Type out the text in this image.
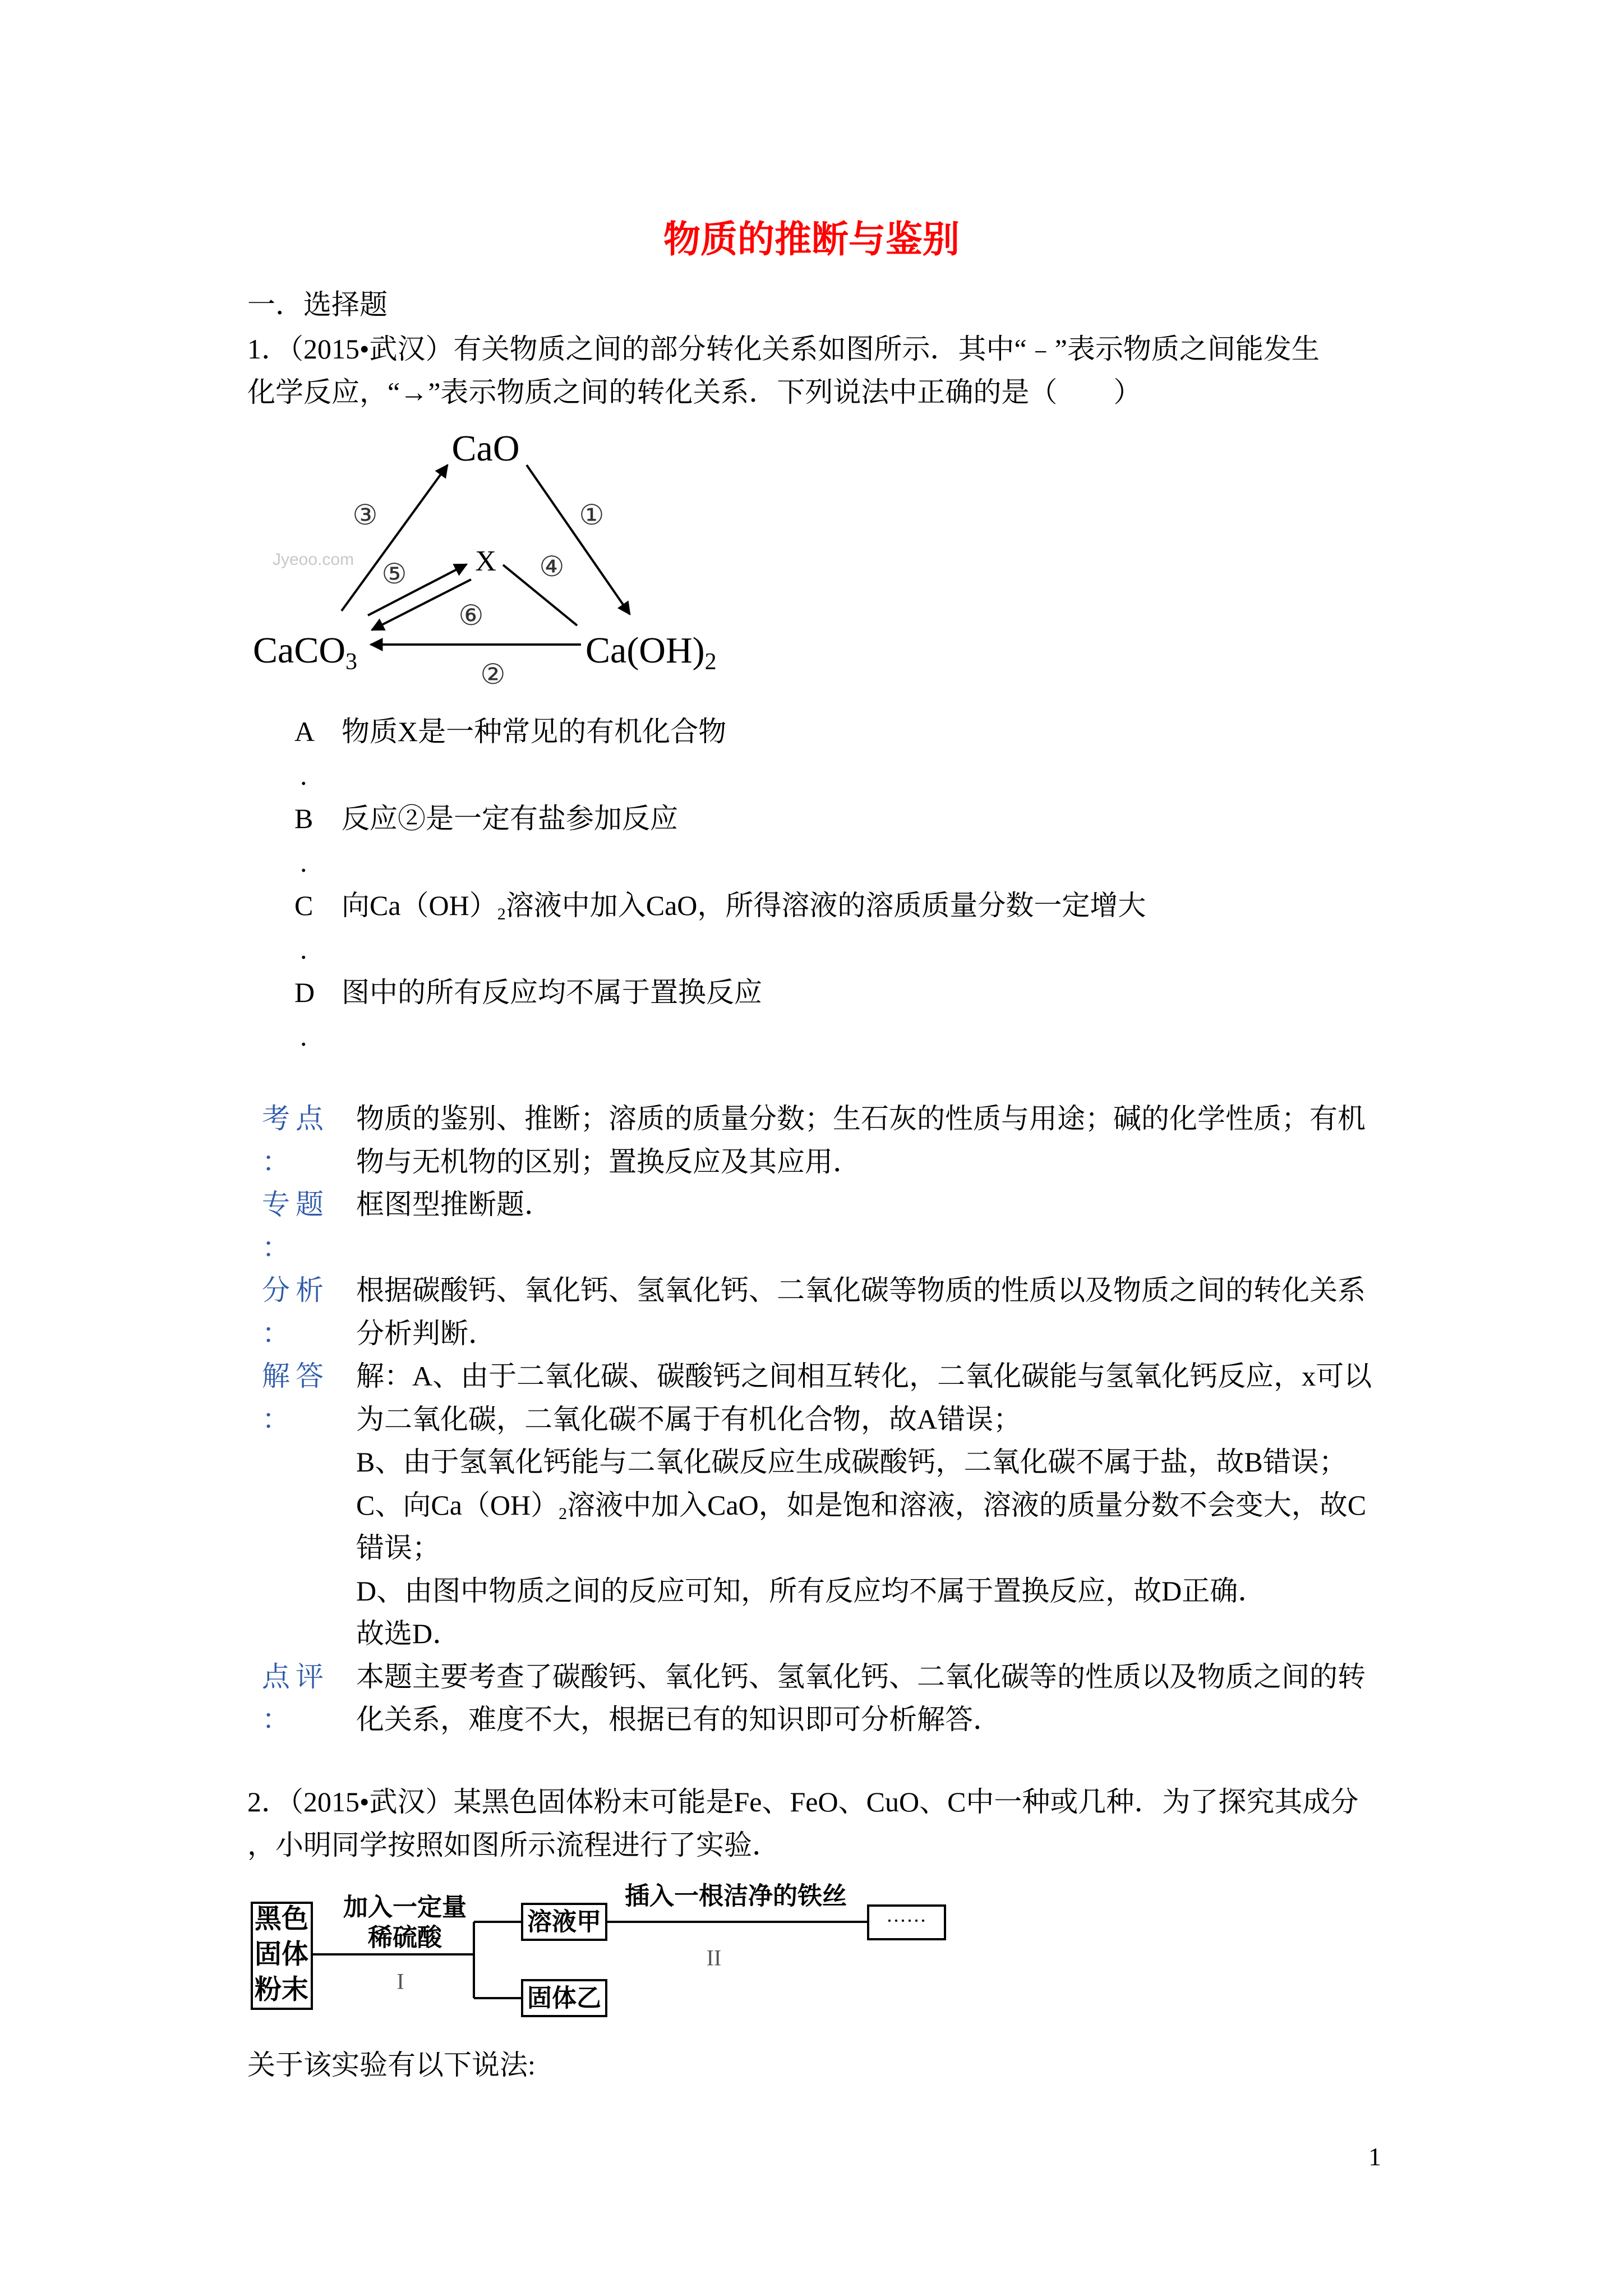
物质的推断与鉴别
一．选择题
1．（2015•武汉）有关物质之间的部分转化关系如图所示．其中“﹣”表示物质之间能发生
化学反应，“→”表示物质之间的转化关系．下列说法中正确的是（　　）
Jyeoo.com
CaO
X
CaCO3	Ca(OH)2
①
②
③
④
⑤
⑥
A
.
物质X是一种常见的有机化合物
B
.
反应②是一定有盐参加反应
C
.
向$Ca(OH)_2$溶液中加入CaO，所得溶液的溶质质量分数一定增大
D
.
图中的所有反应均不属于置换反应
考点
：
物质的鉴别、推断；溶质的质量分数；生石灰的性质与用途；碱的化学性质；有机
物与无机物的区别；置换反应及其应用．
专题
：
框图型推断题．
分析
：
根据碳酸钙、氧化钙、氢氧化钙、二氧化碳等物质的性质以及物质之间的转化关系
分析判断．
解答
：
解：A、由于二氧化碳、碳酸钙之间相互转化，二氧化碳能与氢氧化钙反应，x可以
为二氧化碳，二氧化碳不属于有机化合物，故A错误；
B、由于氢氧化钙能与二氧化碳反应生成碳酸钙，二氧化碳不属于盐，故B错误；
C、向$Ca(OH)_2$溶液中加入CaO，如是饱和溶液，溶液的质量分数不会变大，故C
错误；
D、由图中物质之间的反应可知，所有反应均不属于置换反应，故D正确．
故选D．
点评
：
本题主要考查了碳酸钙、氧化钙、氢氧化钙、二氧化碳等的性质以及物质之间的转
化关系，难度不大，根据已有的知识即可分析解答．
2．（2015•武汉）某黑色固体粉末可能是Fe、FeO、CuO、C中一种或几种．为了探究其成分
，小明同学按照如图所示流程进行了实验．
黑色
固体
粉末
加入一定量
稀硫酸
溶液甲
固体乙
插入一根洁净的铁丝
······
I
II
关于该实验有以下说法:
1
